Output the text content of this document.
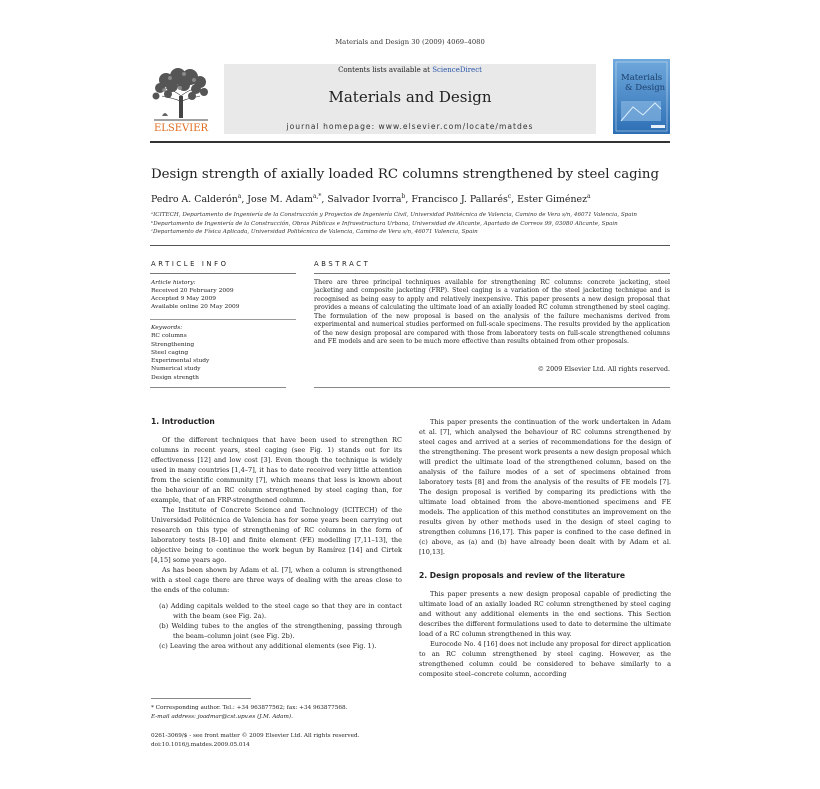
Materials and Design 30 (2009) 4069–4080
ELSEVIER
Contents lists available at ScienceDirect
Materials and Design
journal homepage: www.elsevier.com/locate/matdes
Materials
& Design
Design strength of axially loaded RC columns strengthened by steel caging
Pedro A. Calderón$^a$, Jose M. Adam$^{a,*}$, Salvador Ivorra$^b$, Francisco J. Pallarés$^c$, Ester Giménez$^a$
ᵃICITECH, Departamento de Ingeniería de la Construcción y Proyectos de Ingeniería Civil, Universidad Politécnica de Valencia, Camino de Vera s/n, 46071 Valencia, Spain
ᵇDepartamento de Ingeniería de la Construcción, Obras Públicas e Infraestructura Urbana, Universidad de Alicante, Apartado de Correos 99, 03080 Alicante, Spain
ᶜDepartamento de Física Aplicada, Universidad Politécnica de Valencia, Camino de Vera s/n, 46071 Valencia, Spain
ARTICLE INFO	ABSTRACT
Article history:
Received 20 February 2009
Accepted 9 May 2009
Available online 20 May 2009
Keywords:
RC columns
Strengthening
Steel caging
Experimental study
Numerical study
Design strength
There are three principal techniques available for strengthening RC columns: concrete jacketing, steel jacketing and composite jacketing (FRP). Steel caging is a variation of the steel jacketing technique and is recognised as being easy to apply and relatively inexpensive. This paper presents a new design proposal that provides a means of calculating the ultimate load of an axially loaded RC column strengthened by steel caging. The formulation of the new proposal is based on the analysis of the failure mechanisms derived from experimental and numerical studies performed on full-scale specimens. The results provided by the application of the new design proposal are compared with those from laboratory tests on full-scale strengthened columns and FE models and are seen to be much more effective than results obtained from other proposals.
© 2009 Elsevier Ltd. All rights reserved.
1. Introduction

Of the different techniques that have been used to strengthen RC columns in recent years, steel caging (see Fig. 1) stands out for its effectiveness [12] and low cost [3]. Even though the technique is widely used in many countries [1,4–7], it has to date received very little attention from the scientific community [7], which means that less is known about the behaviour of an RC column strengthened by steel caging than, for example, that of an FRP-strengthened column.

The Institute of Concrete Science and Technology (ICITECH) of the Universidad Politécnica de Valencia has for some years been carrying out research on this type of strengthening of RC columns in the form of laboratory tests [8–10] and finite element (FE) modelling [7,11–13], the objective being to continue the work begun by Ramírez [14] and Cirtek [4,15] some years ago.

As has been shown by Adam et al. [7], when a column is strengthened with a steel cage there are three ways of dealing with the areas close to the ends of the column:

(a) Adding capitals welded to the steel cage so that they are in contact with the beam (see Fig. 2a).

(b) Welding tubes to the angles of the strengthening, passing through the beam–column joint (see Fig. 2b).

(c) Leaving the area without any additional elements (see Fig. 1).

This paper presents the continuation of the work undertaken in Adam et al. [7], which analysed the behaviour of RC columns strengthened by steel cages and arrived at a series of recommendations for the design of the strengthening. The present work presents a new design proposal which will predict the ultimate load of the strengthened column, based on the analysis of the failure modes of a set of specimens obtained from laboratory tests [8] and from the analysis of the results of FE models [7]. The design proposal is verified by comparing its predictions with the ultimate load obtained from the above-mentioned specimens and FE models. The application of this method constitutes an improvement on the results given by other methods used in the design of steel caging to strengthen columns [16,17]. This paper is confined to the case defined in (c) above, as (a) and (b) have already been dealt with by Adam et al. [10,13].

2. Design proposals and review of the literature

This paper presents a new design proposal capable of predicting the ultimate load of an axially loaded RC column strengthened by steel caging and without any additional elements in the end sections. This Section describes the different formulations used to date to determine the ultimate load of a RC column strengthened in this way.

Eurocode No. 4 [16] does not include any proposal for direct application to an RC column strengthened by steel caging. However, as the strengthened column could be considered to behave similarly to a composite steel–concrete column, according

* Corresponding author. Tel.: +34 963877562; fax: +34 963877568.
E-mail address: joadmar@cst.upv.es (J.M. Adam).
0261-3069/$ - see front matter © 2009 Elsevier Ltd. All rights reserved.
doi:10.1016/j.matdes.2009.05.014
